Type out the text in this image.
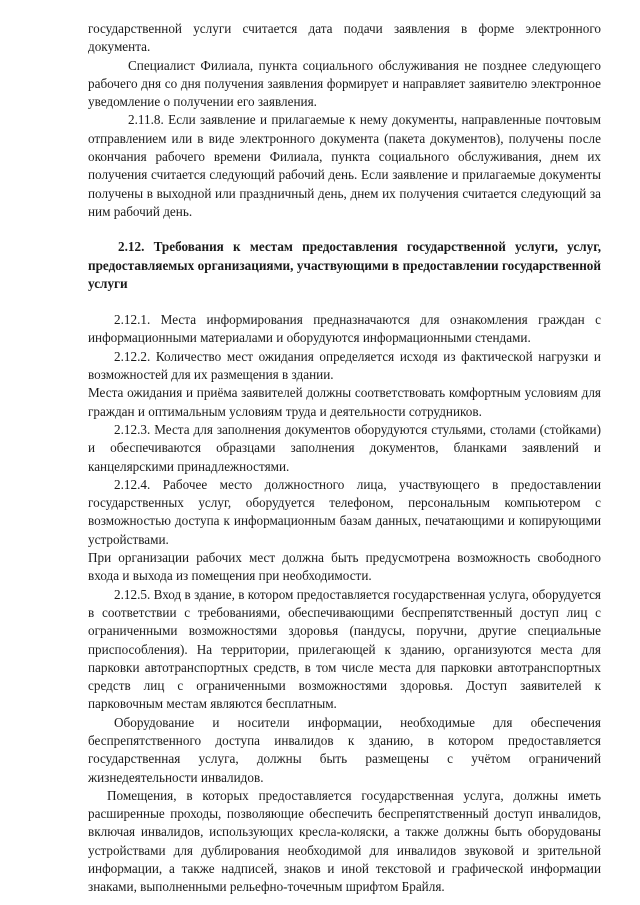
государственной услуги считается дата подачи заявления в форме электронного документа.

Специалист Филиала, пункта социального обслуживания не позднее следующего рабочего дня со дня получения заявления формирует и направляет заявителю электронное уведомление о получении его заявления.

2.11.8. Если заявление и прилагаемые к нему документы, направленные почтовым отправлением или в виде электронного документа (пакета документов), получены после окончания рабочего времени Филиала, пункта социального обслуживания, днем их получения считается следующий рабочий день. Если заявление и прилагаемые документы получены в выходной или праздничный день, днем их получения считается следующий за ним рабочий день.

2.12. Требования к местам предоставления государственной услуги, услуг, предоставляемых организациями, участвующими в предоставлении государственной услуги

2.12.1. Места информирования предназначаются для ознакомления граждан с информационными материалами и оборудуются информационными стендами.

2.12.2. Количество мест ожидания определяется исходя из фактической нагрузки и возможностей для их размещения в здании.

Места ожидания и приёма заявителей должны соответствовать комфортным условиям для граждан и оптимальным условиям труда и деятельности сотрудников.

2.12.3. Места для заполнения документов оборудуются стульями, столами (стойками) и обеспечиваются образцами заполнения документов, бланками заявлений и канцелярскими принадлежностями.

2.12.4. Рабочее место должностного лица, участвующего в предоставлении государственных услуг, оборудуется телефоном, персональным компьютером с возможностью доступа к информационным базам данных, печатающими и копирующими устройствами.

При организации рабочих мест должна быть предусмотрена возможность свободного входа и выхода из помещения при необходимости.

2.12.5. Вход в здание, в котором предоставляется государственная услуга, оборудуется в соответствии с требованиями, обеспечивающими беспрепятственный доступ лиц с ограниченными возможностями здоровья (пандусы, поручни, другие специальные приспособления). На территории, прилегающей к зданию, организуются места для парковки автотранспортных средств, в том числе места для парковки автотранспортных средств лиц с ограниченными возможностями здоровья. Доступ заявителей к парковочным местам являются бесплатным.

Оборудование и носители информации, необходимые для обеспечения беспрепятственного доступа инвалидов к зданию, в котором предоставляется государственная услуга, должны быть размещены с учётом ограничений жизнедеятельности инвалидов.

Помещения, в которых предоставляется государственная услуга, должны иметь расширенные проходы, позволяющие обеспечить беспрепятственный доступ инвалидов, включая инвалидов, использующих кресла-коляски, а также должны быть оборудованы устройствами для дублирования необходимой для инвалидов звуковой и зрительной информации, а также надписей, знаков и иной текстовой и графической информации знаками, выполненными рельефно-точечным шрифтом Брайля.
